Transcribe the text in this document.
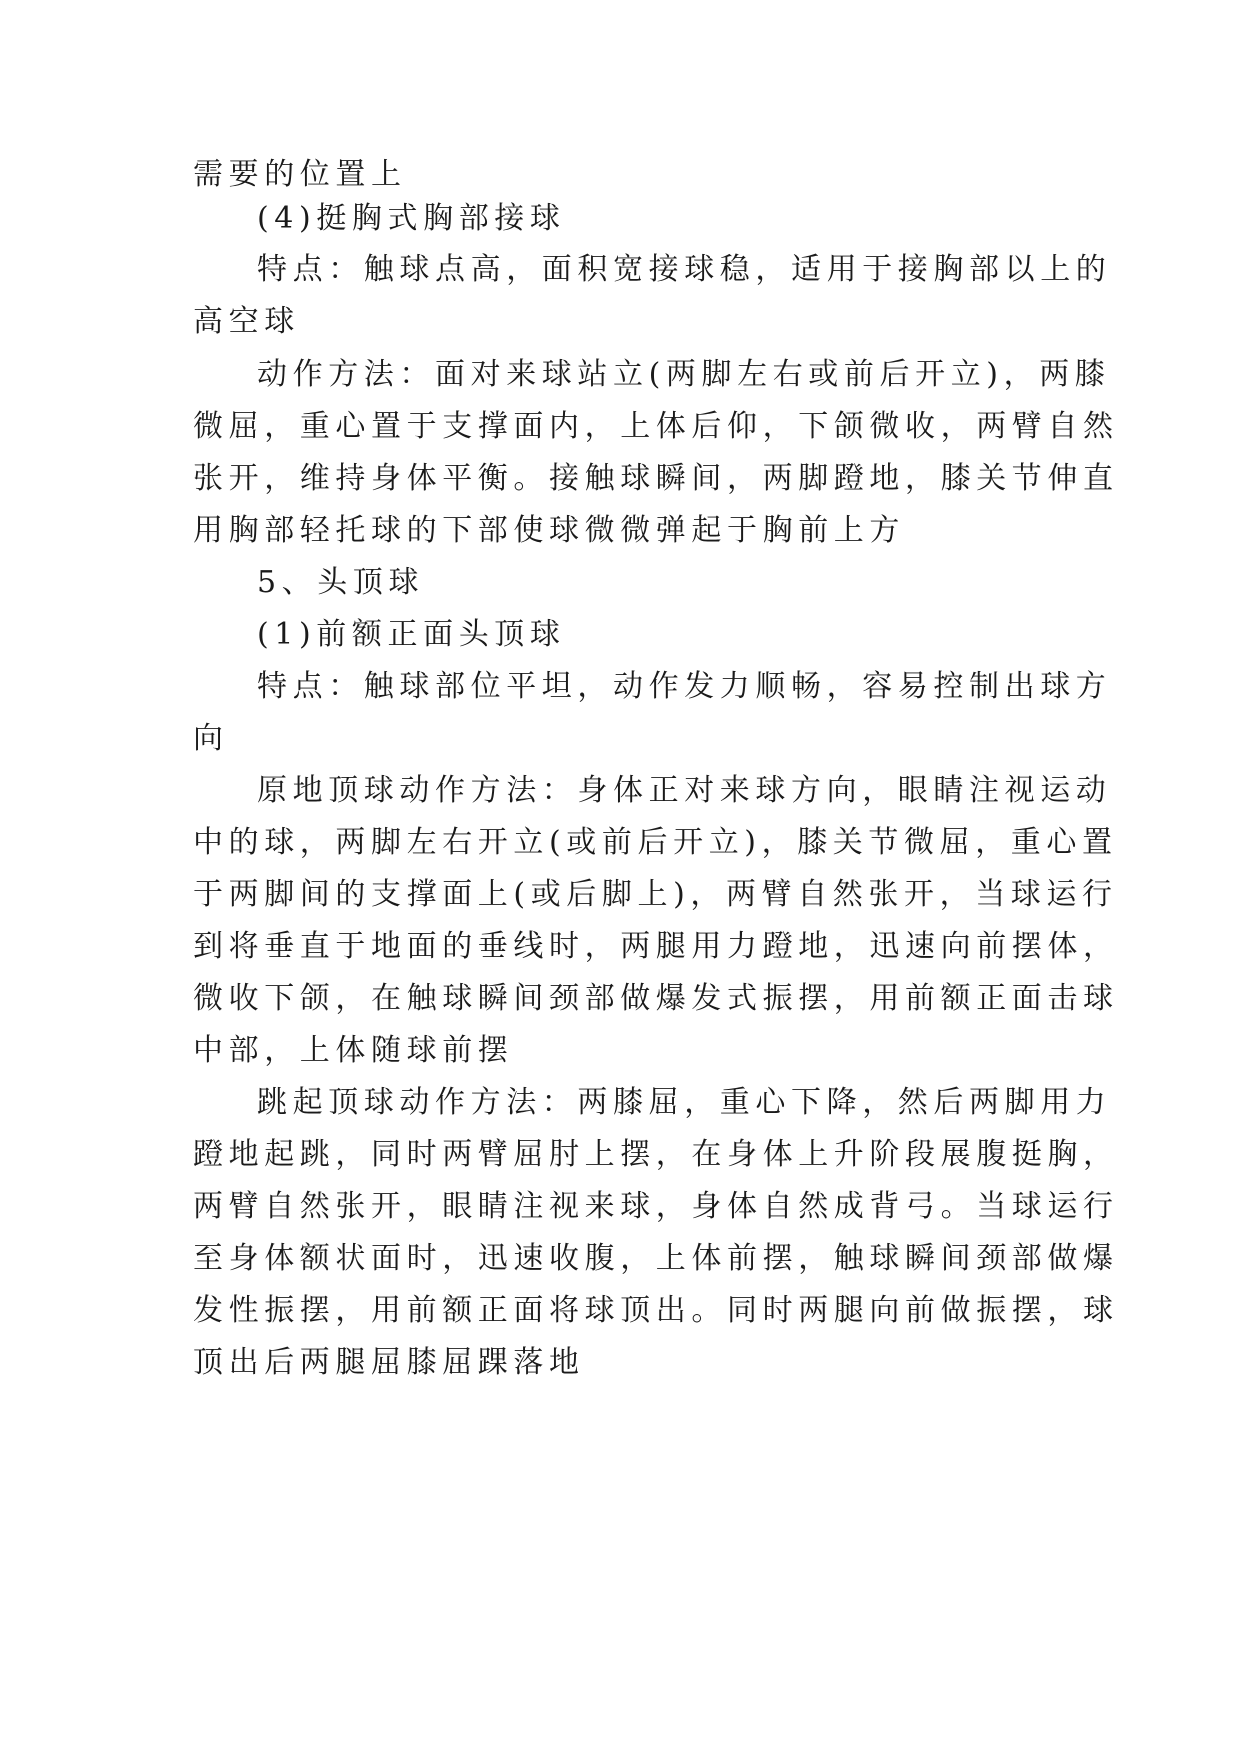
需要的位置上
(4)挺胸式胸部接球
特点：触球点高，面积宽接球稳，适用于接胸部以上的
高空球
动作方法：面对来球站立(两脚左右或前后开立)，两膝
微屈，重心置于支撑面内，上体后仰，下颌微收，两臂自然
张开，维持身体平衡。接触球瞬间，两脚蹬地，膝关节伸直
用胸部轻托球的下部使球微微弹起于胸前上方
5、头顶球
(1)前额正面头顶球
特点：触球部位平坦，动作发力顺畅，容易控制出球方
向
原地顶球动作方法：身体正对来球方向，眼睛注视运动
中的球，两脚左右开立(或前后开立)，膝关节微屈，重心置
于两脚间的支撑面上(或后脚上)，两臂自然张开，当球运行
到将垂直于地面的垂线时，两腿用力蹬地，迅速向前摆体，
微收下颌，在触球瞬间颈部做爆发式振摆，用前额正面击球
中部，上体随球前摆
跳起顶球动作方法：两膝屈，重心下降，然后两脚用力
蹬地起跳，同时两臂屈肘上摆，在身体上升阶段展腹挺胸，
两臂自然张开，眼睛注视来球，身体自然成背弓。当球运行
至身体额状面时，迅速收腹，上体前摆，触球瞬间颈部做爆
发性振摆，用前额正面将球顶出。同时两腿向前做振摆，球
顶出后两腿屈膝屈踝落地
